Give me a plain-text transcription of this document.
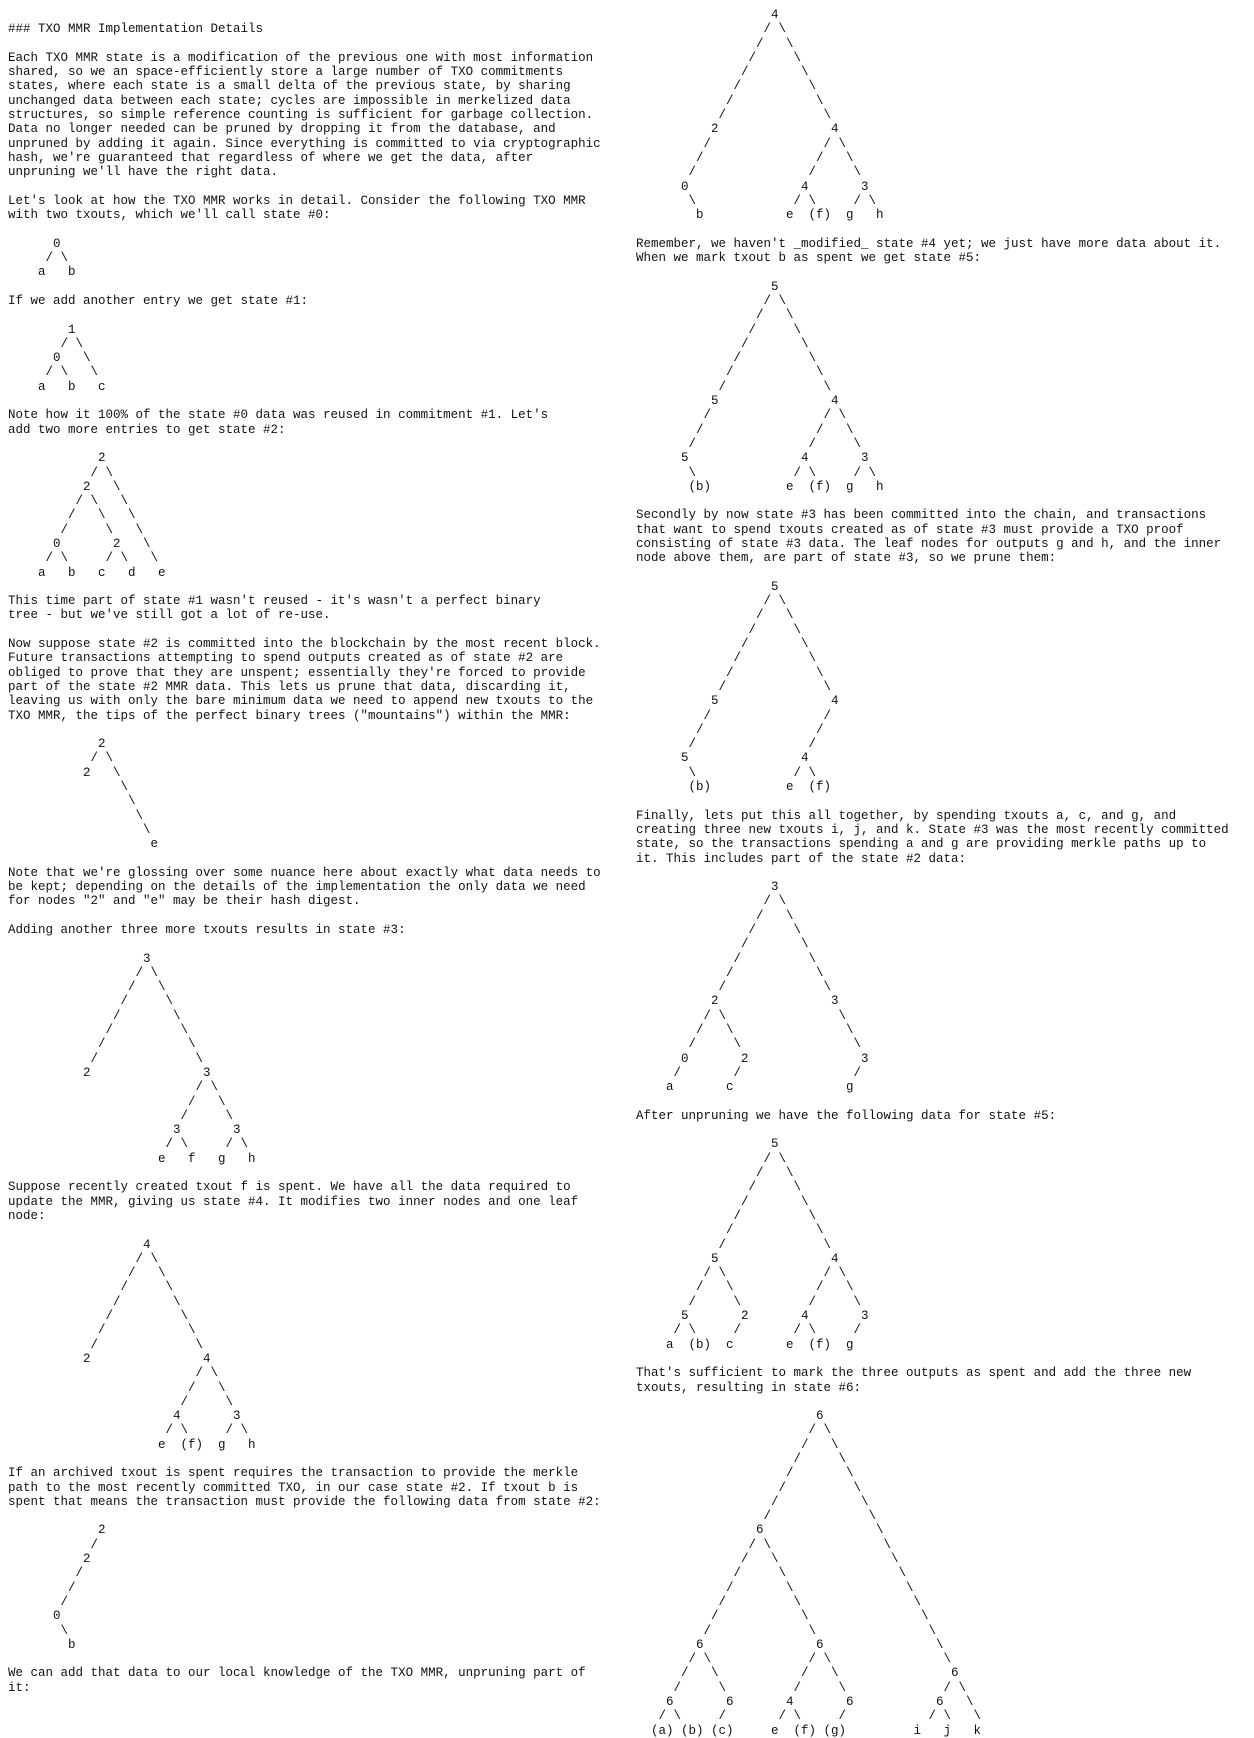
### TXO MMR Implementation Details
Each TXO MMR state is a modification of the previous one with most information
shared, so we an space-efficiently store a large number of TXO commitments
states, where each state is a small delta of the previous state, by sharing
unchanged data between each state; cycles are impossible in merkelized data
structures, so simple reference counting is sufficient for garbage collection.
Data no longer needed can be pruned by dropping it from the database, and
unpruned by adding it again. Since everything is committed to via cryptographic
hash, we're guaranteed that regardless of where we get the data, after
unpruning we'll have the right data.
Let's look at how the TXO MMR works in detail. Consider the following TXO MMR
with two txouts, which we'll call state #0:
0
/ \
a   b
If we add another entry we get state #1:
1
/ \
0   \
/ \   \
a   b   c
Note how it 100% of the state #0 data was reused in commitment #1. Let's
add two more entries to get state #2:
2
/ \
2   \
/ \   \
/   \   \
/     \   \
0       2   \
/ \     / \   \
a   b   c   d   e
This time part of state #1 wasn't reused - it's wasn't a perfect binary
tree - but we've still got a lot of re-use.
Now suppose state #2 is committed into the blockchain by the most recent block.
Future transactions attempting to spend outputs created as of state #2 are
obliged to prove that they are unspent; essentially they're forced to provide
part of the state #2 MMR data. This lets us prune that data, discarding it,
leaving us with only the bare minimum data we need to append new txouts to the
TXO MMR, the tips of the perfect binary trees ("mountains") within the MMR:
2
/ \
2   \
\
\
\
\
e
Note that we're glossing over some nuance here about exactly what data needs to
be kept; depending on the details of the implementation the only data we need
for nodes "2" and "e" may be their hash digest.
Adding another three more txouts results in state #3:
3
/ \
/   \
/     \
/       \
/         \
/           \
/             \
2               3
/ \
/   \
/     \
3       3
/ \     / \
e   f   g   h
Suppose recently created txout f is spent. We have all the data required to
update the MMR, giving us state #4. It modifies two inner nodes and one leaf
node:
4
/ \
/   \
/     \
/       \
/         \
/           \
/             \
2               4
/ \
/   \
/     \
4       3
/ \     / \
e  (f)  g   h
If an archived txout is spent requires the transaction to provide the merkle
path to the most recently committed TXO, in our case state #2. If txout b is
spent that means the transaction must provide the following data from state #2:
2
/
2
/
/
/
0
\
b
We can add that data to our local knowledge of the TXO MMR, unpruning part of
it:
4
/ \
/   \
/     \
/       \
/         \
/           \
/             \
2               4
/               / \
/               /   \
/               /     \
0               4       3
\             / \     / \
b           e  (f)  g   h
Remember, we haven't _modified_ state #4 yet; we just have more data about it.
When we mark txout b as spent we get state #5:
5
/ \
/   \
/     \
/       \
/         \
/           \
/             \
5               4
/               / \
/               /   \
/               /     \
5               4       3
\             / \     / \
(b)          e  (f)  g   h
Secondly by now state #3 has been committed into the chain, and transactions
that want to spend txouts created as of state #3 must provide a TXO proof
consisting of state #3 data. The leaf nodes for outputs g and h, and the inner
node above them, are part of state #3, so we prune them:
5
/ \
/   \
/     \
/       \
/         \
/           \
/             \
5               4
/               /
/               /
/               /
5               4
\             / \
(b)          e  (f)
Finally, lets put this all together, by spending txouts a, c, and g, and
creating three new txouts i, j, and k. State #3 was the most recently committed
state, so the transactions spending a and g are providing merkle paths up to
it. This includes part of the state #2 data:
3
/ \
/   \
/     \
/       \
/         \
/           \
/             \
2               3
/ \               \
/   \               \
/     \               \
0       2               3
/       /               /
a       c               g
After unpruning we have the following data for state #5:
5
/ \
/   \
/     \
/       \
/         \
/           \
/             \
5               4
/ \             / \
/   \           /   \
/     \         /     \
5       2       4       3
/ \     /       / \     /
a  (b)  c       e  (f)  g
That's sufficient to mark the three outputs as spent and add the three new
txouts, resulting in state #6:
6
/ \
/   \
/     \
/       \
/         \
/           \
/             \
6               \
/ \               \
/   \               \
/     \               \
/       \               \
/         \               \
/           \               \
/             \               \
6               6               \
/ \             / \               \
/   \           /   \               6
/     \         /     \             / \
6       6       4       6           6   \
/ \     /       / \     /           / \   \
(a) (b) (c)     e  (f) (g)         i   j   k
